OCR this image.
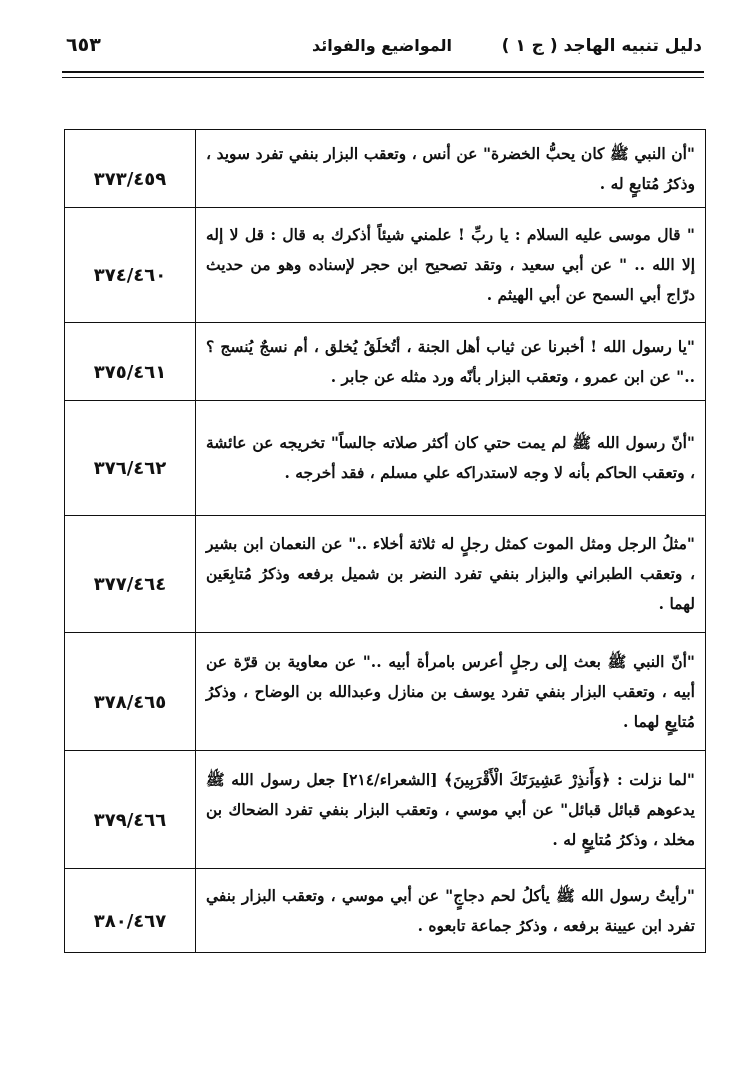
دليل تنبيه الهاجد ( ج ١ )
المواضيع والفوائد
٦٥٣
"أن النبي ﷺ كان يحبُّ الخضرة" عن أنس ، وتعقب البزار بنفي تفرد سويد ، وذكرُ مُتابعٍ له .	٣٧٣/٤٥٩
" قال موسى عليه السلام : يا ربِّ ! علمني شيئاً أذكرك به قال : قل لا إله إلا الله .. " عن أبي سعيد ، وتقد تصحيح ابن حجر لإسناده وهو من حديث درّاج أبي السمح عن أبي الهيثم .	٣٧٤/٤٦٠
"يا رسول الله ! أخبرنا عن ثياب أهل الجنة ، أتُخلَقُ يُخلق ، أم نسجٌ يُنسج ؟ .." عن ابن عمرو ، وتعقب البزار بأنّه ورد مثله عن جابر .	٣٧٥/٤٦١
"أنّ رسول الله ﷺ لم يمت حتي كان أكثر صلاته جالساً" تخريجه عن عائشة ، وتعقب الحاكم بأنه لا وجه لاستدراكه علي مسلم ، فقد أخرجه .	٣٧٦/٤٦٢
"مثلُ الرجل ومثل الموت كمثل رجلٍ له ثلاثة أخلاء .." عن النعمان ابن بشير ، وتعقب الطبراني والبزار بنفي تفرد النضر بن شميل برفعه وذكرُ مُتابِعَين لهما .	٣٧٧/٤٦٤
"أنّ النبي ﷺ بعث إلى رجلٍ أعرس بامرأة أبيه .." عن معاوية بن قرّة عن أبيه ، وتعقب البزار بنفي تفرد يوسف بن منازل وعبدالله بن الوضاح ، وذكرُ مُتابِعٍ لهما .	٣٧٨/٤٦٥
"لما نزلت : ﴿وَأَنذِرْ عَشِيرَتَكَ الْأَقْرَبِينَ﴾ [الشعراء/٢١٤] جعل رسول الله ﷺ يدعوهم قبائل قبائل" عن أبي موسي ، وتعقب البزار بنفي تفرد الضحاك بن مخلد ، وذكرُ مُتابِعٍ له .	٣٧٩/٤٦٦
"رأيتُ رسول الله ﷺ يأكلُ لحم دجاجٍ" عن أبي موسي ، وتعقب البزار بنفي تفرد ابن عيينة برفعه ، وذكرُ جماعة تابعوه .	٣٨٠/٤٦٧
